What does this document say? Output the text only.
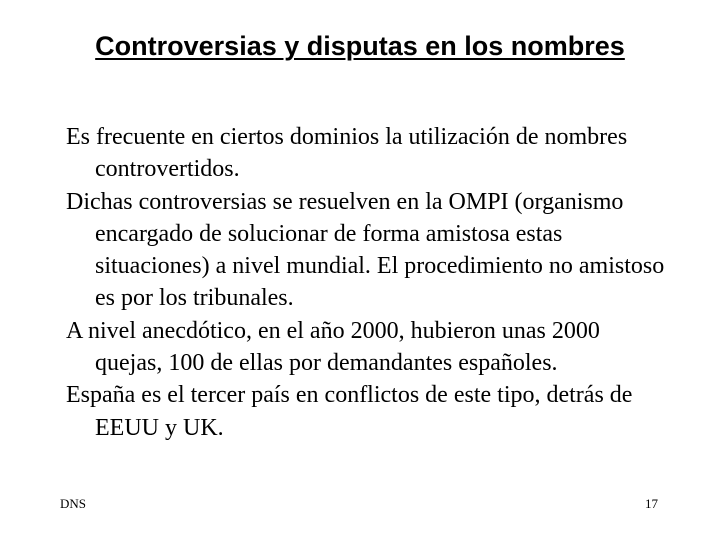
Controversias y disputas en los nombres

Es frecuente en ciertos dominios la utilización de nombres controvertidos.

Dichas controversias se resuelven en la OMPI (organismo encargado de solucionar de forma amistosa estas situaciones) a nivel mundial. El procedimiento no amistoso es por los tribunales.

A nivel anecdótico, en el año 2000, hubieron unas 2000 quejas, 100 de ellas por demandantes españoles.

España es el tercer país en conflictos de este tipo, detrás de EEUU y UK.

DNS	17
